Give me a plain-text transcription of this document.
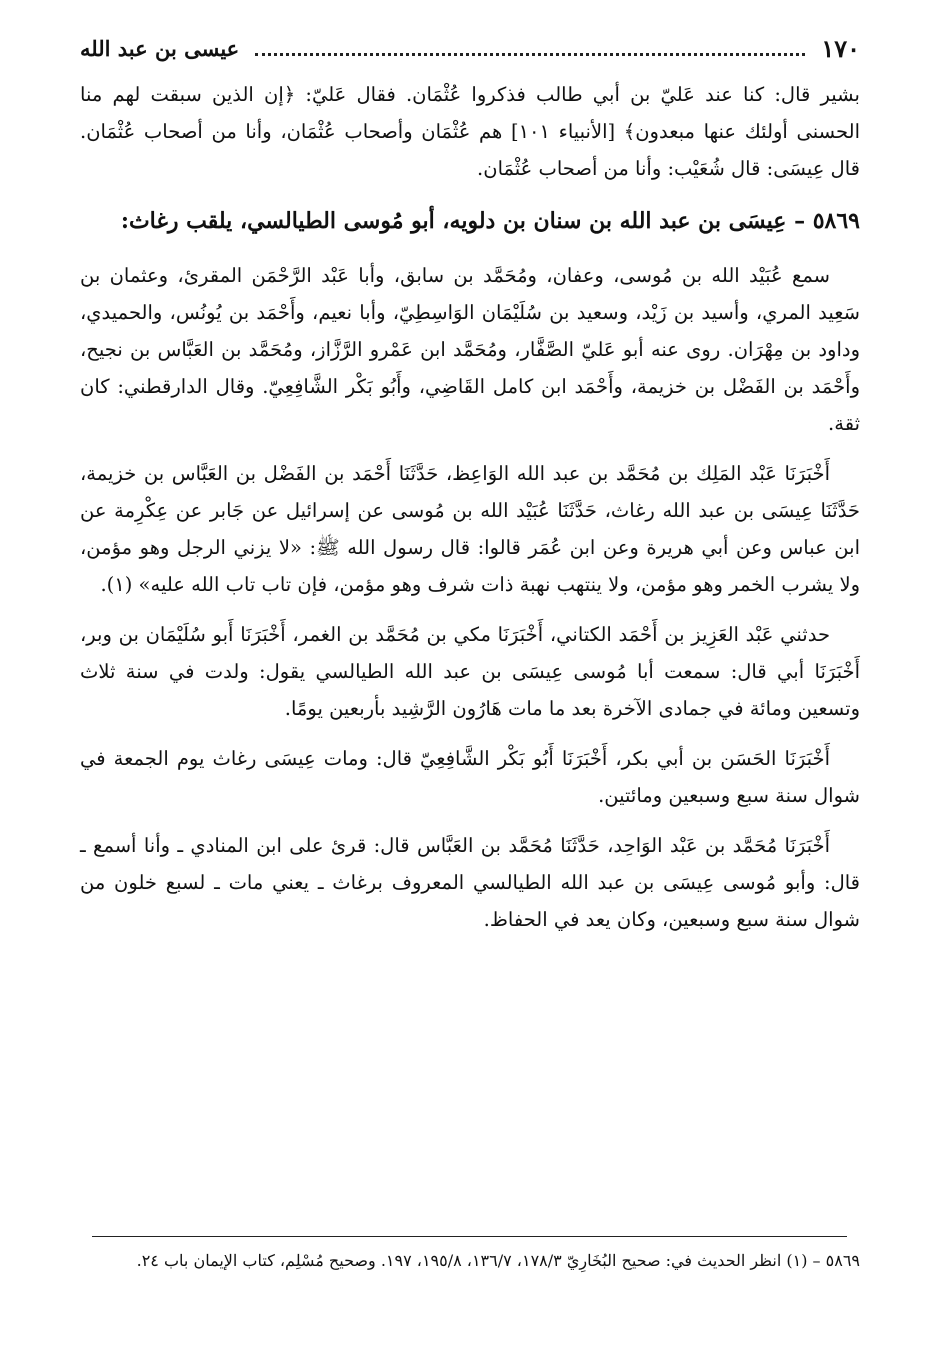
١٧٠
عيسى بن عبد الله

بشير قال: كنا عند عَليّ بن أبي طالب فذكروا عُثْمَان. فقال عَليّ: ﴿إن الذين سبقت لهم منا الحسنى أولئك عنها مبعدون﴾ [الأنبياء ١٠١] هم عُثْمَان وأصحاب عُثْمَان، وأنا من أصحاب عُثْمَان. قال عِيسَى: قال شُعَيْب: وأنا من أصحاب عُثْمَان.

٥٨٦٩ – عِيسَى بن عبد الله بن سنان بن دلويه، أبو مُوسى الطيالسي، يلقب رغاث:

سمع عُبَيْد الله بن مُوسى، وعفان، ومُحَمَّد بن سابق، وأبا عَبْد الرَّحْمَن المقرئ، وعثمان بن سَعِيد المري، وأسيد بن زَيْد، وسعيد بن سُلَيْمَان الوَاسِطِيّ، وأبا نعيم، وأَحْمَد بن يُونُس، والحميدي، وداود بن مِهْرَان. روى عنه أبو عَليّ الصَّفَّار، ومُحَمَّد ابن عَمْرو الرَّزَّاز، ومُحَمَّد بن العَبَّاس بن نجيح، وأَحْمَد بن الفَضْل بن خزيمة، وأَحْمَد ابن كامل القَاضِي، وأَبُو بَكْر الشَّافِعِيّ. وقال الدارقطني: كان ثقة.

أَخْبَرَنَا عَبْد المَلِك بن مُحَمَّد بن عبد الله الوَاعِظ، حَدَّثَنَا أَحْمَد بن الفَضْل بن العَبَّاس بن خزيمة، حَدَّثَنَا عِيسَى بن عبد الله رغاث، حَدَّثَنَا عُبَيْد الله بن مُوسى عن إسرائيل عن جَابر عن عِكْرِمة عن ابن عباس وعن أبي هريرة وعن ابن عُمَر قالوا: قال رسول الله ﷺ: «لا يزني الرجل وهو مؤمن، ولا يشرب الخمر وهو مؤمن، ولا ينتهب نهبة ذات شرف وهو مؤمن، فإن تاب تاب الله عليه» (١).

حدثني عَبْد العَزِيز بن أَحْمَد الكتاني، أَخْبَرَنَا مكي بن مُحَمَّد بن الغمر، أَخْبَرَنَا أَبو سُلَيْمَان بن وبر، أَخْبَرَنَا أبي قال: سمعت أبا مُوسى عِيسَى بن عبد الله الطيالسي يقول: ولدت في سنة ثلاث وتسعين ومائة في جمادى الآخرة بعد ما مات هَارُون الرَّشِيد بأربعين يومًا.

أَخْبَرَنَا الحَسَن بن أبي بكر، أَخْبَرَنَا أَبُو بَكْر الشَّافِعِيّ قال: ومات عِيسَى رغاث يوم الجمعة في شوال سنة سبع وسبعين ومائتين.

أَخْبَرَنَا مُحَمَّد بن عَبْد الوَاحِد، حَدَّثَنَا مُحَمَّد بن العَبَّاس قال: قرئ على ابن المنادي ـ وأنا أسمع ـ قال: وأبو مُوسى عِيسَى بن عبد الله الطيالسي المعروف برغاث ـ يعني مات ـ لسبع خلون من شوال سنة سبع وسبعين، وكان يعد في الحفاظ.

٥٨٦٩ – (١) انظر الحديث في: صحيح البُخَارِيّ ١٧٨/٣، ١٣٦/٧، ١٩٥/٨، ١٩٧. وصحيح مُسْلِم، كتاب الإيمان باب ٢٤.
